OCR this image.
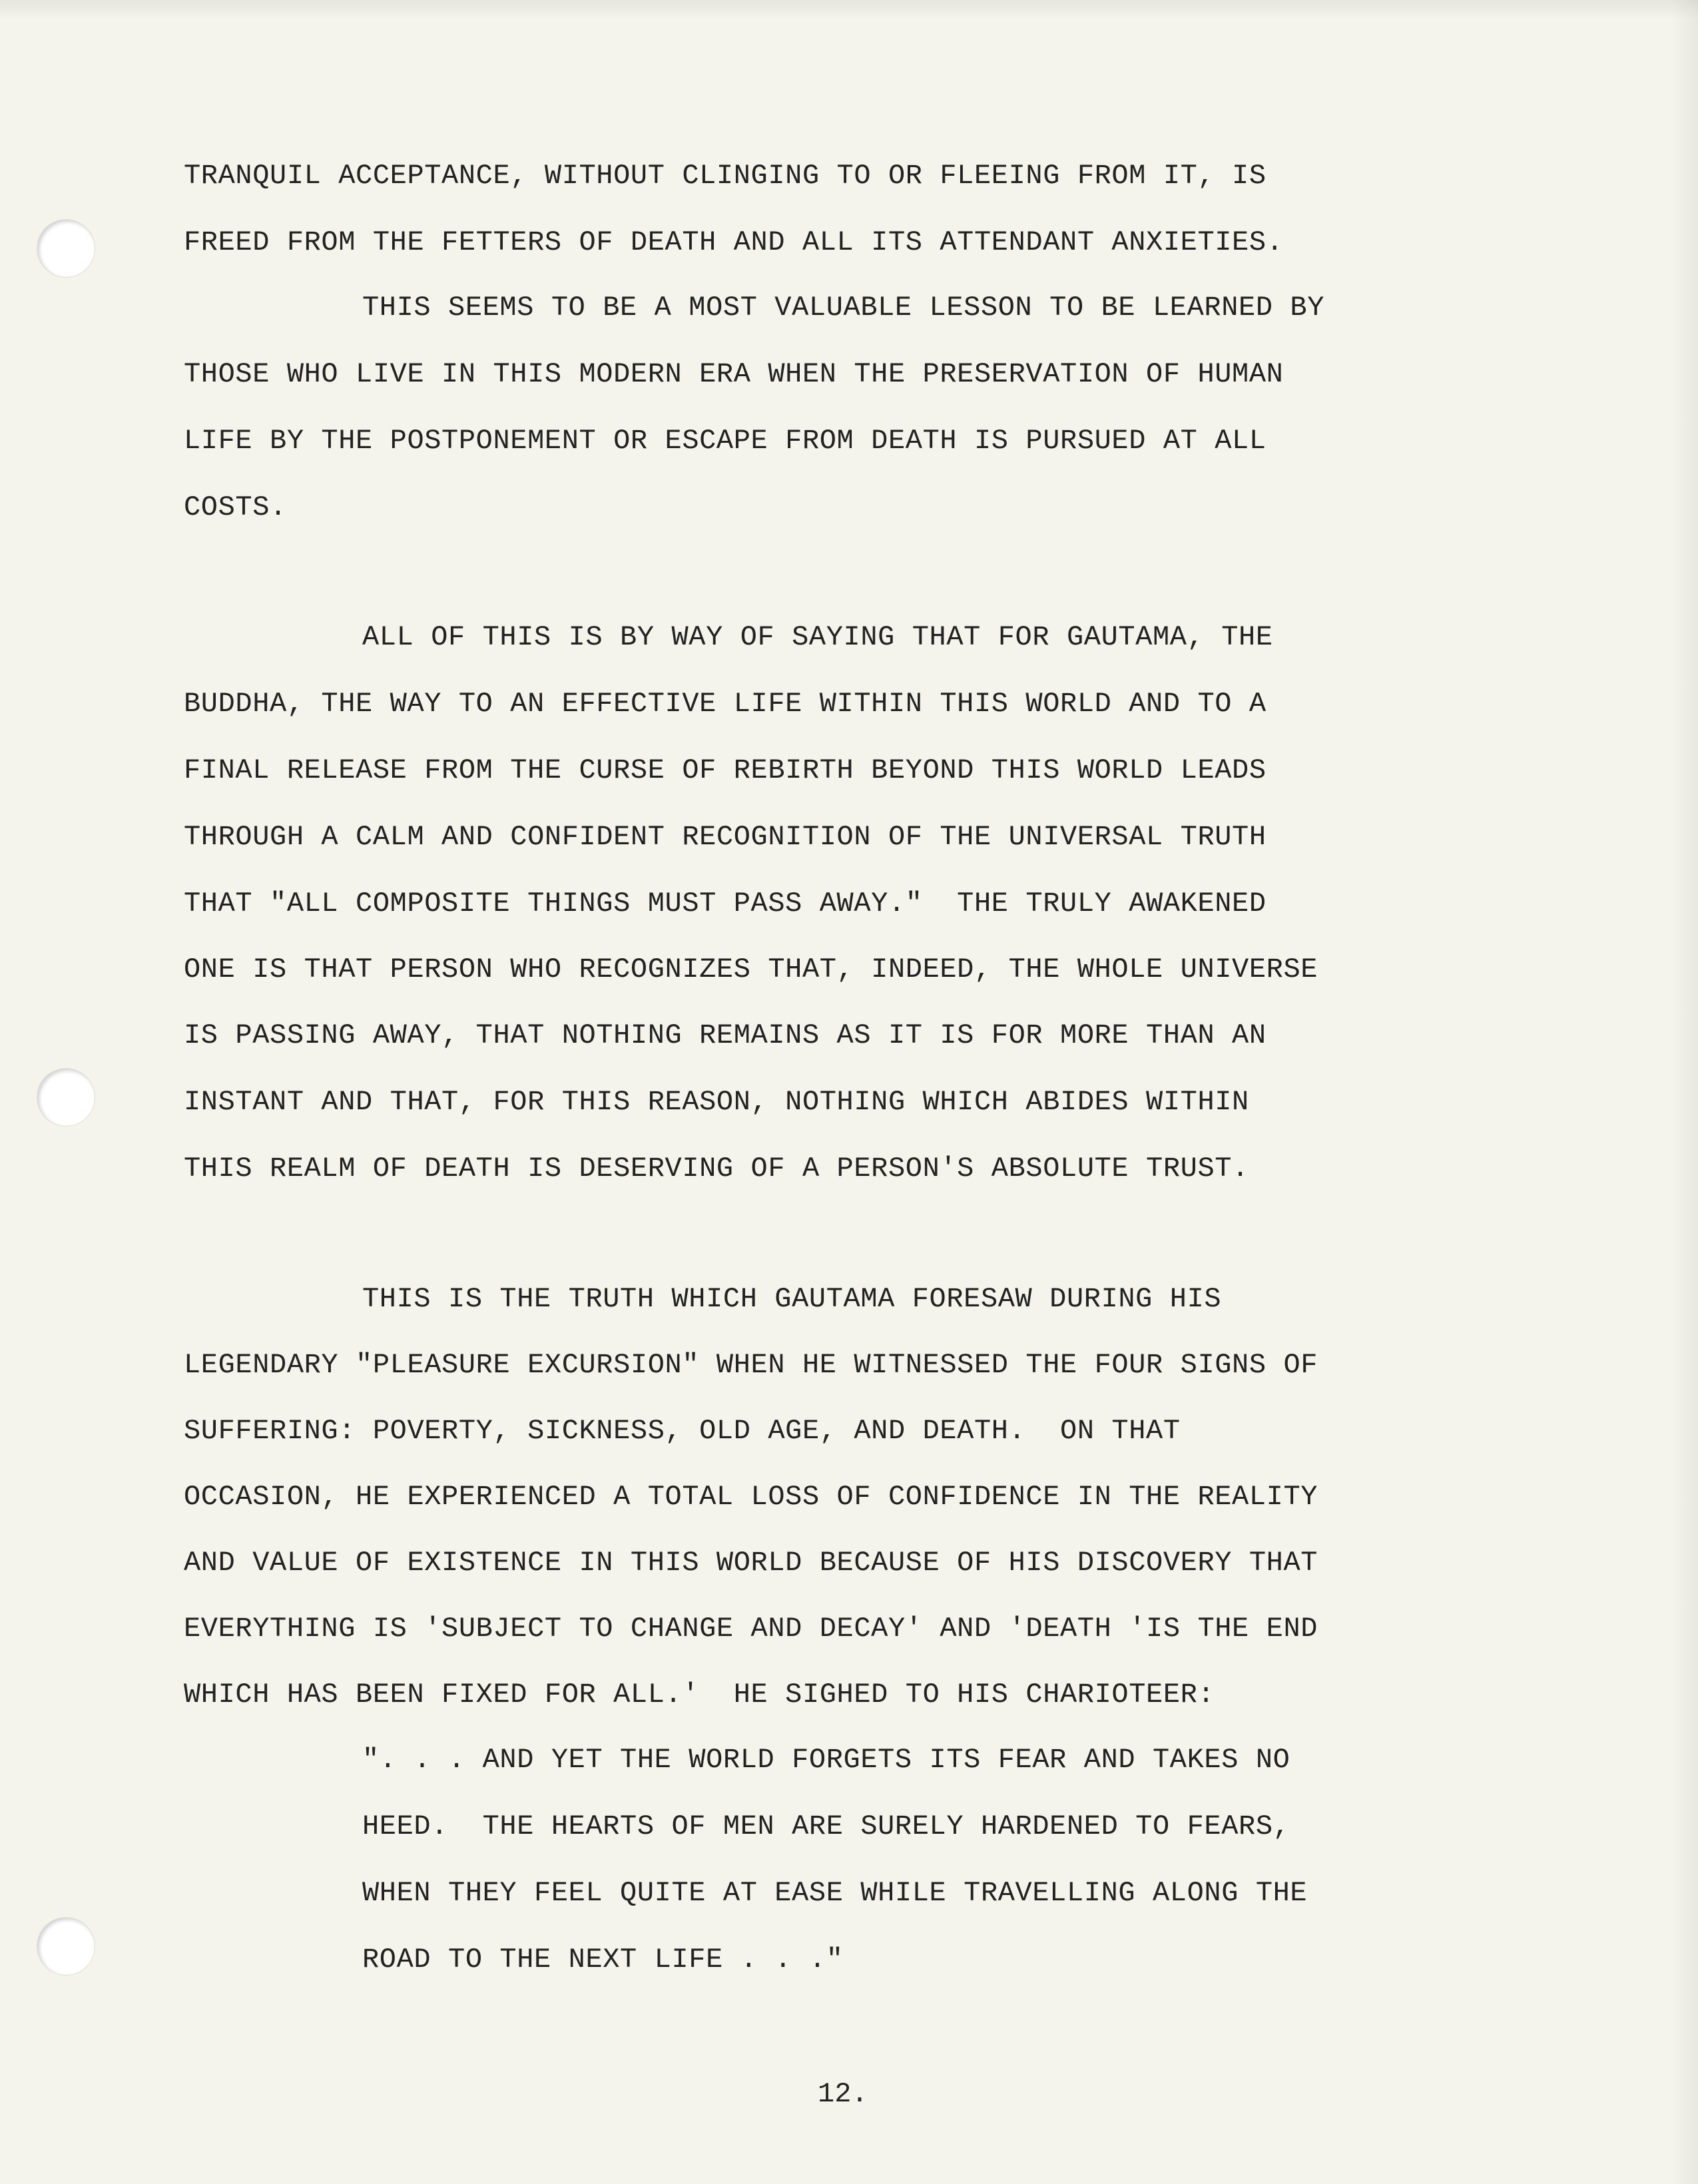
TRANQUIL ACCEPTANCE, WITHOUT CLINGING TO OR FLEEING FROM IT, IS
FREED FROM THE FETTERS OF DEATH AND ALL ITS ATTENDANT ANXIETIES.
THIS SEEMS TO BE A MOST VALUABLE LESSON TO BE LEARNED BY
THOSE WHO LIVE IN THIS MODERN ERA WHEN THE PRESERVATION OF HUMAN
LIFE BY THE POSTPONEMENT OR ESCAPE FROM DEATH IS PURSUED AT ALL
COSTS.
ALL OF THIS IS BY WAY OF SAYING THAT FOR GAUTAMA, THE
BUDDHA, THE WAY TO AN EFFECTIVE LIFE WITHIN THIS WORLD AND TO A
FINAL RELEASE FROM THE CURSE OF REBIRTH BEYOND THIS WORLD LEADS
THROUGH A CALM AND CONFIDENT RECOGNITION OF THE UNIVERSAL TRUTH
THAT "ALL COMPOSITE THINGS MUST PASS AWAY."  THE TRULY AWAKENED
ONE IS THAT PERSON WHO RECOGNIZES THAT, INDEED, THE WHOLE UNIVERSE
IS PASSING AWAY, THAT NOTHING REMAINS AS IT IS FOR MORE THAN AN
INSTANT AND THAT, FOR THIS REASON, NOTHING WHICH ABIDES WITHIN
THIS REALM OF DEATH IS DESERVING OF A PERSON'S ABSOLUTE TRUST.
THIS IS THE TRUTH WHICH GAUTAMA FORESAW DURING HIS
LEGENDARY "PLEASURE EXCURSION" WHEN HE WITNESSED THE FOUR SIGNS OF
SUFFERING: POVERTY, SICKNESS, OLD AGE, AND DEATH.  ON THAT
OCCASION, HE EXPERIENCED A TOTAL LOSS OF CONFIDENCE IN THE REALITY
AND VALUE OF EXISTENCE IN THIS WORLD BECAUSE OF HIS DISCOVERY THAT
EVERYTHING IS 'SUBJECT TO CHANGE AND DECAY' AND 'DEATH 'IS THE END
WHICH HAS BEEN FIXED FOR ALL.'  HE SIGHED TO HIS CHARIOTEER:
". . . AND YET THE WORLD FORGETS ITS FEAR AND TAKES NO
HEED.  THE HEARTS OF MEN ARE SURELY HARDENED TO FEARS,
WHEN THEY FEEL QUITE AT EASE WHILE TRAVELLING ALONG THE
ROAD TO THE NEXT LIFE . . ."
12.
